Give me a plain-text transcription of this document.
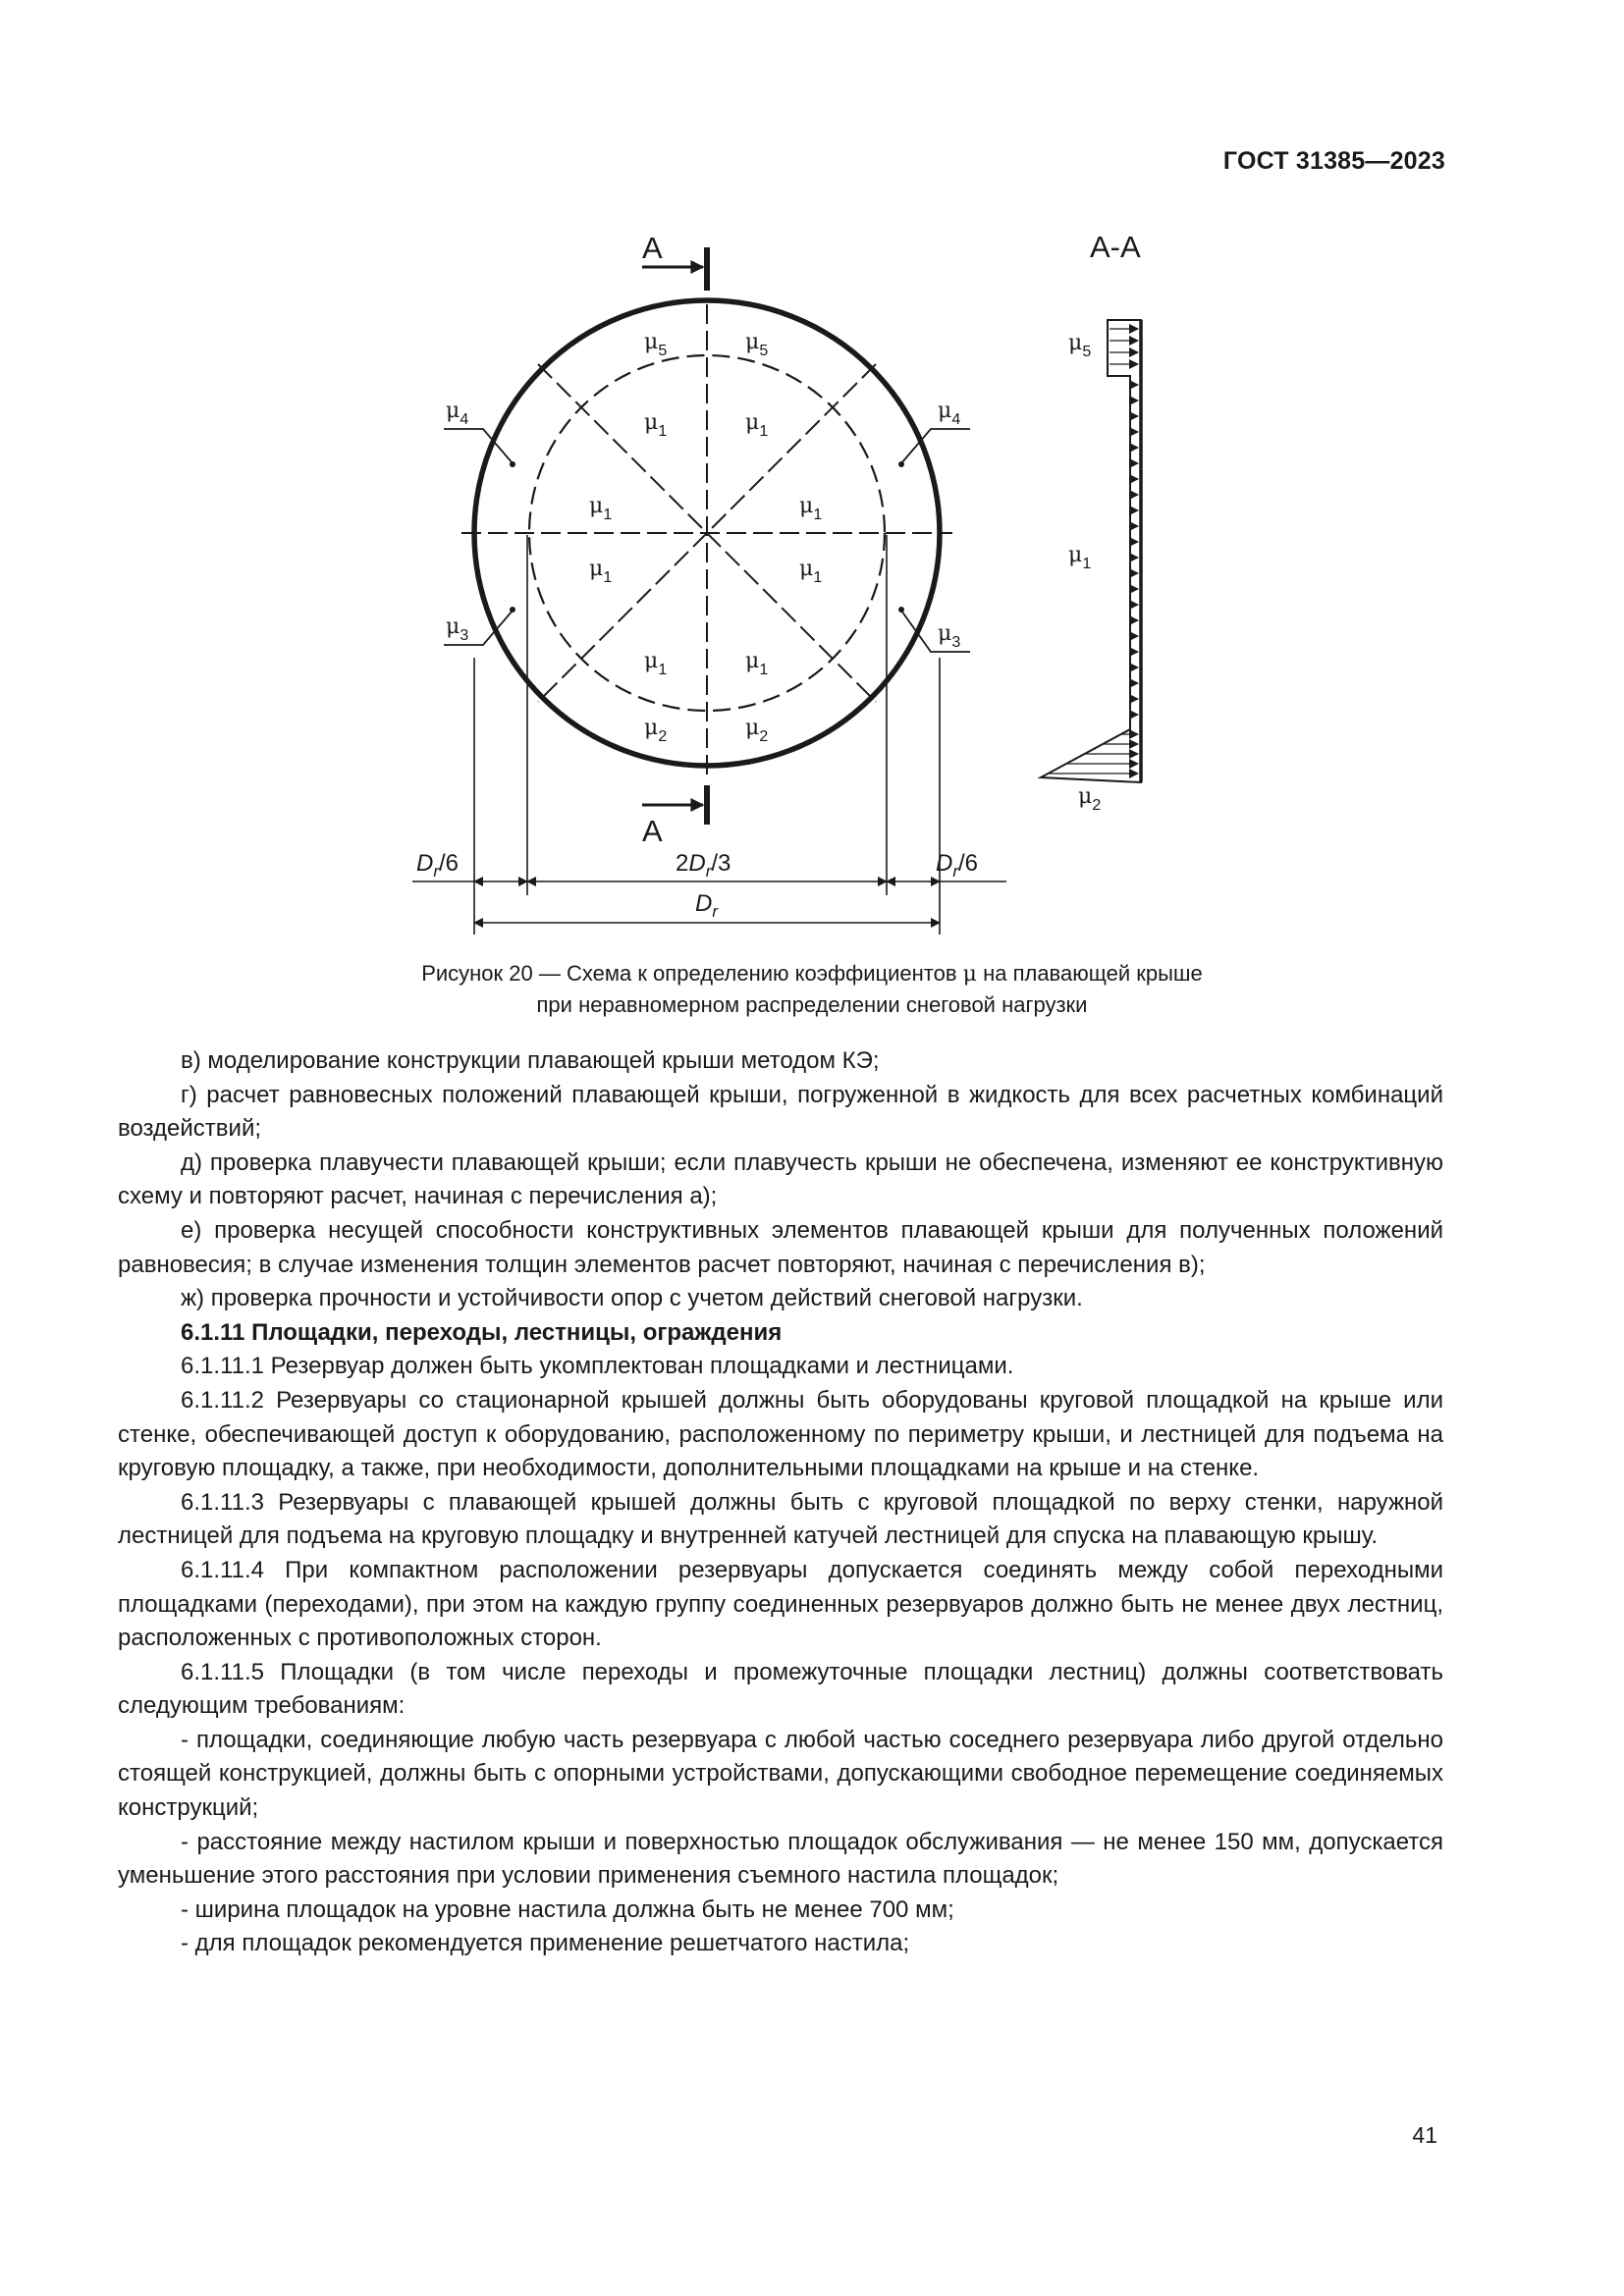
ГОСТ 31385—2023
А
А
$\mu_5$	$\mu_5$
$\mu_1$	$\mu_1$
$\mu_1$	$\mu_1$
$\mu_1$	$\mu_1$
$\mu_1$	$\mu_1$
$\mu_2$	$\mu_2$
$\mu_4$	$\mu_4$
$\mu_3$	$\mu_3$
$D_r/6$	$2D_r/3$	$D_r/6$
$D_r$
А-А
$\mu_5$
$\mu_1$
$\mu_2$
Рисунок 20 — Схема к определению коэффициентов μ на плавающей крыше
при неравномерном распределении снеговой нагрузки

в) моделирование конструкции плавающей крыши методом КЭ;

г) расчет равновесных положений плавающей крыши, погруженной в жидкость для всех расчетных комбинаций воздействий;

д) проверка плавучести плавающей крыши; если плавучесть крыши не обеспечена, изменяют ее конструктивную схему и повторяют расчет, начиная с перечисления а);

е) проверка несущей способности конструктивных элементов плавающей крыши для полученных положений равновесия; в случае изменения толщин элементов расчет повторяют, начиная с перечисления в);

ж) проверка прочности и устойчивости опор с учетом действий снеговой нагрузки.

6.1.11 Площадки, переходы, лестницы, ограждения

6.1.11.1 Резервуар должен быть укомплектован площадками и лестницами.

6.1.11.2 Резервуары со стационарной крышей должны быть оборудованы круговой площадкой на крыше или стенке, обеспечивающей доступ к оборудованию, расположенному по периметру крыши, и лестницей для подъема на круговую площадку, а также, при необходимости, дополнительными площадками на крыше и на стенке.

6.1.11.3 Резервуары с плавающей крышей должны быть с круговой площадкой по верху стенки, наружной лестницей для подъема на круговую площадку и внутренней катучей лестницей для спуска на плавающую крышу.

6.1.11.4 При компактном расположении резервуары допускается соединять между собой переходными площадками (переходами), при этом на каждую группу соединенных резервуаров должно быть не менее двух лестниц, расположенных с противоположных сторон.

6.1.11.5 Площадки (в том числе переходы и промежуточные площадки лестниц) должны соответствовать следующим требованиям:

- площадки, соединяющие любую часть резервуара с любой частью соседнего резервуара либо другой отдельно стоящей конструкцией, должны быть с опорными устройствами, допускающими свободное перемещение соединяемых конструкций;

- расстояние между настилом крыши и поверхностью площадок обслуживания — не менее 150 мм, допускается уменьшение этого расстояния при условии применения съемного настила площадок;

- ширина площадок на уровне настила должна быть не менее 700 мм;

- для площадок рекомендуется применение решетчатого настила;

41
